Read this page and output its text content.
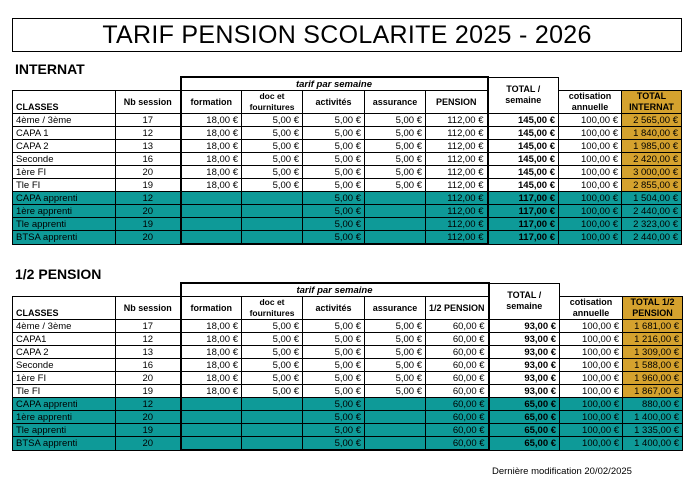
TARIF PENSION SCOLARITE 2025 - 2026
INTERNAT
		tarif par semaine					TOTAL / semaine		
CLASSES	Nb session	formation	doc et fournitures	activités	assurance	PENSION		cotisation annuelle	TOTAL INTERNAT
4ème / 3ème	17	18,00 €	5,00 €	5,00 €	5,00 €	112,00 €	145,00 €	100,00 €	2 565,00 €
CAPA 1	12	18,00 €	5,00 €	5,00 €	5,00 €	112,00 €	145,00 €	100,00 €	1 840,00 €
CAPA 2	13	18,00 €	5,00 €	5,00 €	5,00 €	112,00 €	145,00 €	100,00 €	1 985,00 €
Seconde	16	18,00 €	5,00 €	5,00 €	5,00 €	112,00 €	145,00 €	100,00 €	2 420,00 €
1ère FI	20	18,00 €	5,00 €	5,00 €	5,00 €	112,00 €	145,00 €	100,00 €	3 000,00 €
Tle FI	19	18,00 €	5,00 €	5,00 €	5,00 €	112,00 €	145,00 €	100,00 €	2 855,00 €
CAPA apprenti	12			5,00 €		112,00 €	117,00 €	100,00 €	1 504,00 €
1ère apprenti	20			5,00 €		112,00 €	117,00 €	100,00 €	2 440,00 €
Tle apprenti	19			5,00 €		112,00 €	117,00 €	100,00 €	2 323,00 €
BTSA apprenti	20			5,00 €		112,00 €	117,00 €	100,00 €	2 440,00 €
1/2 PENSION
		tarif par semaine					TOTAL / semaine		
CLASSES	Nb session	formation	doc et fournitures	activités	assurance	1/2 PENSION		cotisation annuelle	TOTAL 1/2 PENSION
4ème / 3ème	17	18,00 €	5,00 €	5,00 €	5,00 €	60,00 €	93,00 €	100,00 €	1 681,00 €
CAPA1	12	18,00 €	5,00 €	5,00 €	5,00 €	60,00 €	93,00 €	100,00 €	1 216,00 €
CAPA 2	13	18,00 €	5,00 €	5,00 €	5,00 €	60,00 €	93,00 €	100,00 €	1 309,00 €
Seconde	16	18,00 €	5,00 €	5,00 €	5,00 €	60,00 €	93,00 €	100,00 €	1 588,00 €
1ère FI	20	18,00 €	5,00 €	5,00 €	5,00 €	60,00 €	93,00 €	100,00 €	1 960,00 €
Tle FI	19	18,00 €	5,00 €	5,00 €	5,00 €	60,00 €	93,00 €	100,00 €	1 867,00 €
CAPA apprenti	12			5,00 €		60,00 €	65,00 €	100,00 €	880,00 €
1ère apprenti	20			5,00 €		60,00 €	65,00 €	100,00 €	1 400,00 €
Tle apprenti	19			5,00 €		60,00 €	65,00 €	100,00 €	1 335,00 €
BTSA apprenti	20			5,00 €		60,00 €	65,00 €	100,00 €	1 400,00 €
Dernière modification 20/02/2025
